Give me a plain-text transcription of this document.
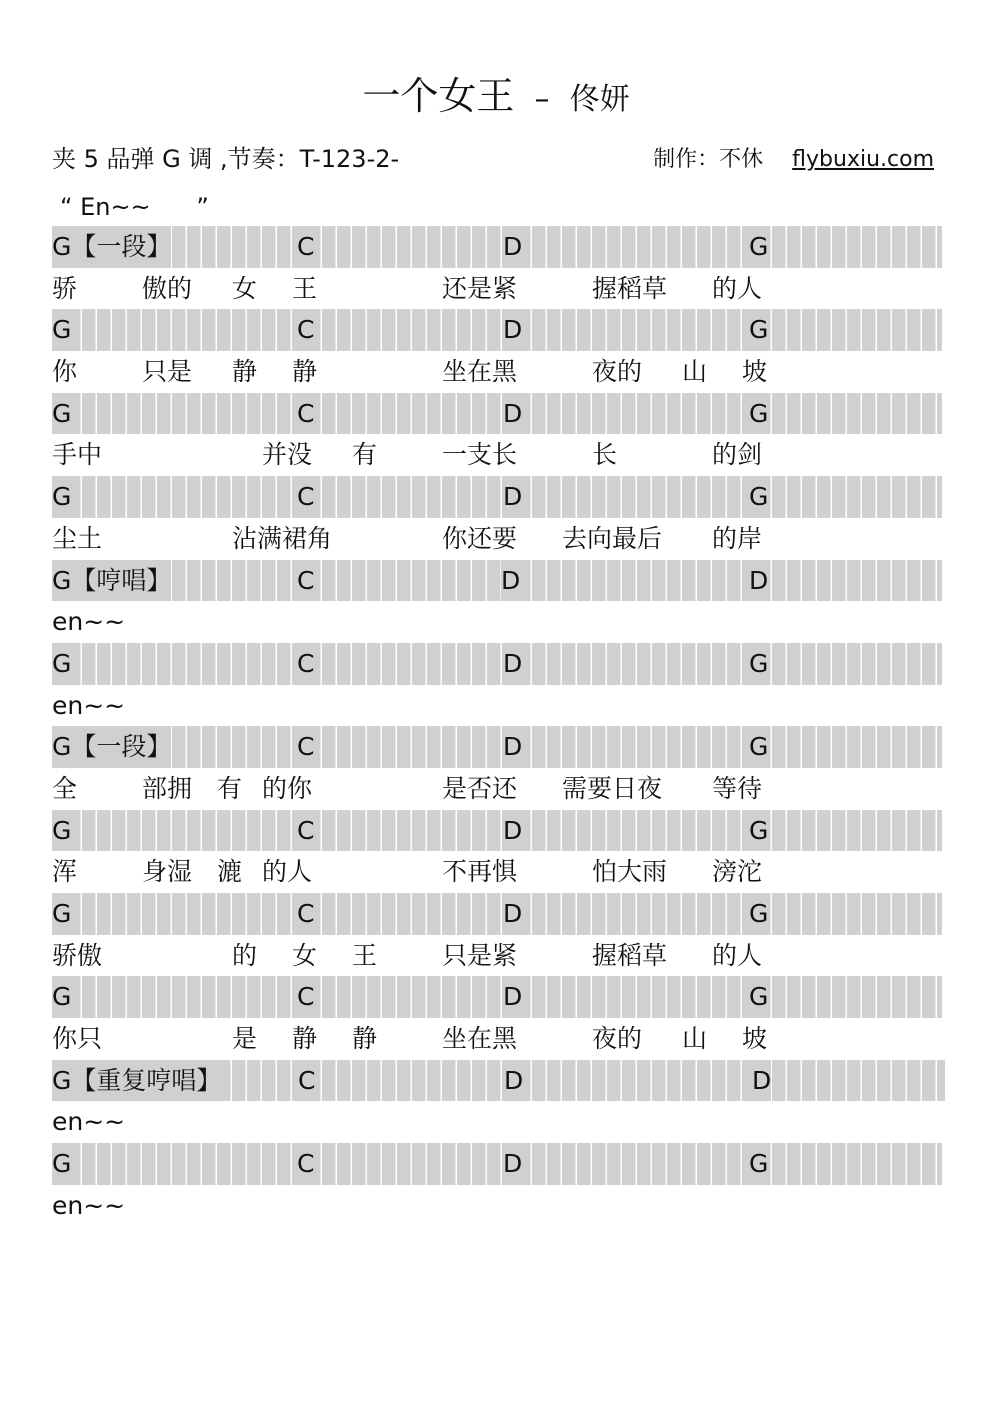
一个女王 – 佟妍
夹 5 品弹 G 调 ,节奏：T-123-2-	制作：不休 flybuxiu.com
“ En~~      ”
G【一段】	C	D	G
骄	傲的 女 王	还是紧	握稻草 的人
G	C	D	G
你	只是 静 静	坐在黑	夜的 山 坡
G	C	D	G
手中	并没 有	一支长	长	的剑
G	C	D	G
尘土	沾满裙角	你还要 去向最后 的岸
G【哼唱】	C	D	D
en~~
G	C	D	G
en~~
G【一段】	C	D	G
全	部拥 有 的你	是否还 需要日夜 等待
G	C	D	G
浑	身湿 漉 的人	不再惧	怕大雨 滂沱
G	C	D	G
骄傲	的 女 王	只是紧	握稻草 的人
G	C	D	G
你只	是 静 静	坐在黑	夜的 山 坡
G【重复哼唱】	C	D	D
en~~
G	C	D	G
en~~
